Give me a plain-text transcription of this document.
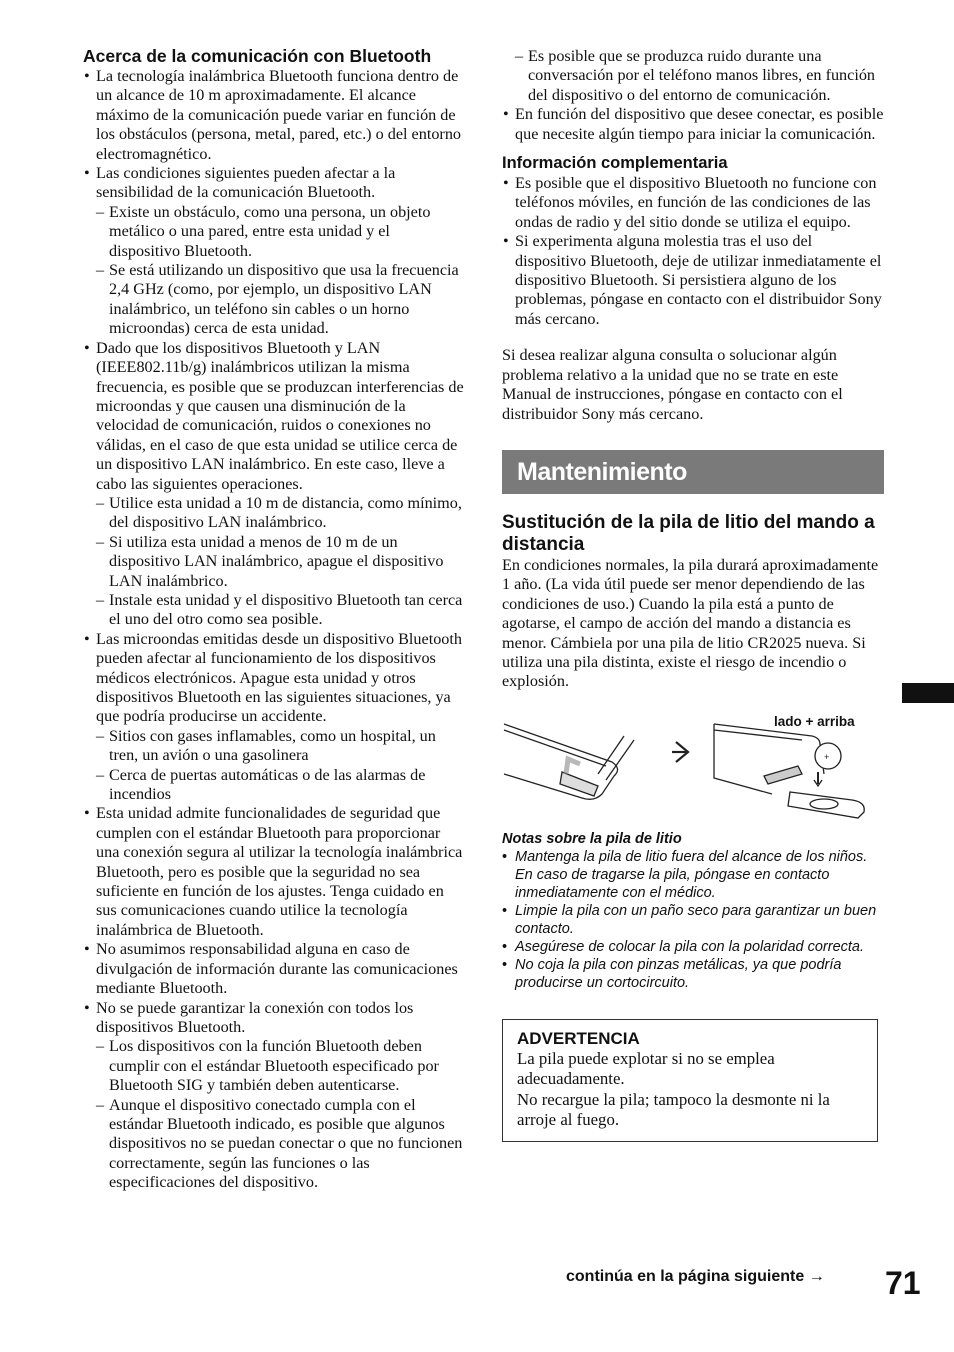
Acerca de la comunicación con Bluetooth
• La tecnología inalámbrica Bluetooth funciona dentro de un alcance de 10 m aproximadamente. El alcance máximo de la comunicación puede variar en función de los obstáculos (persona, metal, pared, etc.) o del entorno electromagnético.
• Las condiciones siguientes pueden afectar a la sensibilidad de la comunicación Bluetooth.
– Existe un obstáculo, como una persona, un objeto metálico o una pared, entre esta unidad y el dispositivo Bluetooth.
– Se está utilizando un dispositivo que usa la frecuencia 2,4 GHz (como, por ejemplo, un dispositivo LAN inalámbrico, un teléfono sin cables o un horno microondas) cerca de esta unidad.
• Dado que los dispositivos Bluetooth y LAN (IEEE802.11b/g) inalámbricos utilizan la misma frecuencia, es posible que se produzcan interferencias de microondas y que causen una disminución de la velocidad de comunicación, ruidos o conexiones no válidas, en el caso de que esta unidad se utilice cerca de un dispositivo LAN inalámbrico. En este caso, lleve a cabo las siguientes operaciones.
– Utilice esta unidad a 10 m de distancia, como mínimo, del dispositivo LAN inalámbrico.
– Si utiliza esta unidad a menos de 10 m de un dispositivo LAN inalámbrico, apague el dispositivo LAN inalámbrico.
– Instale esta unidad y el dispositivo Bluetooth tan cerca el uno del otro como sea posible.
• Las microondas emitidas desde un dispositivo Bluetooth pueden afectar al funcionamiento de los dispositivos médicos electrónicos. Apague esta unidad y otros dispositivos Bluetooth en las siguientes situaciones, ya que podría producirse un accidente.
– Sitios con gases inflamables, como un hospital, un tren, un avión o una gasolinera
– Cerca de puertas automáticas o de las alarmas de incendios
• Esta unidad admite funcionalidades de seguridad que cumplen con el estándar Bluetooth para proporcionar una conexión segura al utilizar la tecnología inalámbrica Bluetooth, pero es posible que la seguridad no sea suficiente en función de los ajustes. Tenga cuidado en sus comunicaciones cuando utilice la tecnología inalámbrica de Bluetooth.
• No asumimos responsabilidad alguna en caso de divulgación de información durante las comunicaciones mediante Bluetooth.
• No se puede garantizar la conexión con todos los dispositivos Bluetooth.
– Los dispositivos con la función Bluetooth deben cumplir con el estándar Bluetooth especificado por Bluetooth SIG y también deben autenticarse.
– Aunque el dispositivo conectado cumpla con el estándar Bluetooth indicado, es posible que algunos dispositivos no se puedan conectar o que no funcionen correctamente, según las funciones o las especificaciones del dispositivo.
– Es posible que se produzca ruido durante una conversación por el teléfono manos libres, en función del dispositivo o del entorno de comunicación.
• En función del dispositivo que desee conectar, es posible que necesite algún tiempo para iniciar la comunicación.
Información complementaria
• Es posible que el dispositivo Bluetooth no funcione con teléfonos móviles, en función de las condiciones de las ondas de radio y del sitio donde se utiliza el equipo.
• Si experimenta alguna molestia tras el uso del dispositivo Bluetooth, deje de utilizar inmediatamente el dispositivo Bluetooth. Si persistiera alguno de los problemas, póngase en contacto con el distribuidor Sony más cercano.

Si desea realizar alguna consulta o solucionar algún problema relativo a la unidad que no se trate en este Manual de instrucciones, póngase en contacto con el distribuidor Sony más cercano.

Mantenimiento
Sustitución de la pila de litio del mando a distancia

En condiciones normales, la pila durará aproximadamente 1 año. (La vida útil puede ser menor dependiendo de las condiciones de uso.) Cuando la pila está a punto de agotarse, el campo de acción del mando a distancia es menor. Cámbiela por una pila de litio CR2025 nueva. Si utiliza una pila distinta, existe el riesgo de incendio o explosión.

lado + arriba
+
Notas sobre la pila de litio
• Mantenga la pila de litio fuera del alcance de los niños. En caso de tragarse la pila, póngase en contacto inmediatamente con el médico.
• Limpie la pila con un paño seco para garantizar un buen contacto.
• Asegúrese de colocar la pila con la polaridad correcta.
• No coja la pila con pinzas metálicas, ya que podría producirse un cortocircuito.
ADVERTENCIA

La pila puede explotar si no se emplea adecuadamente.

No recargue la pila; tampoco la desmonte ni la arroje al fuego.

continúa en la página siguiente → 71
